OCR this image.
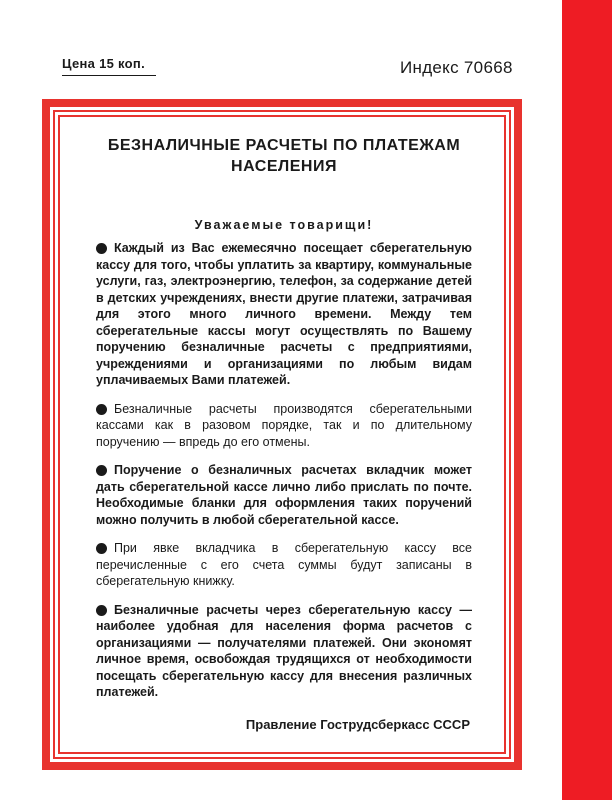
Цена 15 коп.	Индекс 70668
БЕЗНАЛИЧНЫЕ РАСЧЕТЫ ПО ПЛАТЕЖАМ
НАСЕЛЕНИЯ
Уважаемые товарищи!

Каждый из Вас ежемесячно посещает сберегательную кассу для того, чтобы уплатить за квартиру, коммунальные услуги, газ, электроэнергию, телефон, за содержание детей в детских учреждениях, внести другие платежи, затрачивая для этого много личного времени. Между тем сберегательные кассы могут осуществлять по Вашему поручению безналичные расчеты с предприятиями, учреждениями и организациями по любым видам уплачиваемых Вами платежей.

Безналичные расчеты производятся сберегательными кассами как в разовом порядке, так и по длительному поручению — впредь до его отмены.

Поручение о безналичных расчетах вкладчик может дать сберегательной кассе лично либо прислать по почте. Необходимые бланки для оформления таких поручений можно получить в любой сберегательной кассе.

При явке вкладчика в сберегательную кассу все перечисленные с его счета суммы будут записаны в сберегательную книжку.

Безналичные расчеты через сберегательную кассу — наиболее удобная для населения форма расчетов с организациями — получателями платежей. Они экономят личное время, освобождая трудящихся от необходимости посещать сберегательную кассу для внесения различных платежей.

Правление Гострудсберкасс СССР
